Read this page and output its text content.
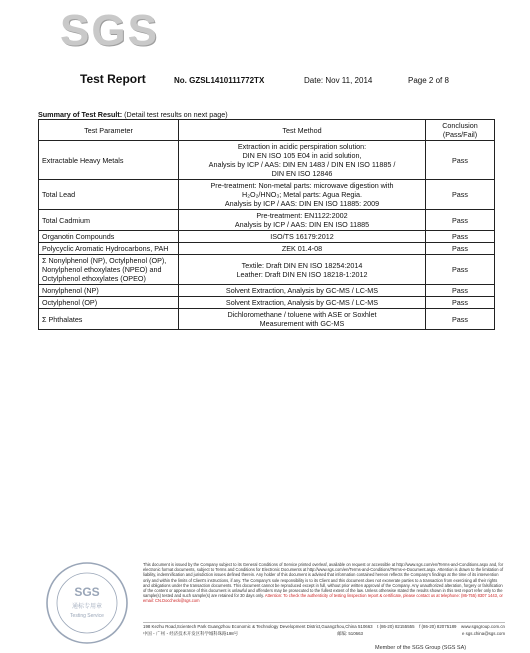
SGS
Test Report	No. GZSL1410111772TX	Date: Nov 11, 2014	Page 2 of 8
Summary of Test Result: (Detail test results on next page)
Test Parameter	Test Method	Conclusion
(Pass/Fail)

Extractable Heavy Metals	Extraction in acidic perspiration solution:
DIN EN ISO 105 E04 in acid solution,
Analysis by ICP / AAS: DIN EN 1483 / DIN EN ISO 11885 /
DIN EN ISO 12846	Pass
Total Lead	Pre-treatment: Non-metal parts: microwave digestion with
H₂O₂/HNO₃; Metal parts: Agua Regia.
Analysis by ICP / AAS: DIN EN ISO 11885: 2009	Pass
Total Cadmium	Pre-treatment: EN1122:2002
Analysis by ICP / AAS: DIN EN ISO 11885	Pass
Organotin Compounds	ISO/TS 16179:2012	Pass
Polycyclic Aromatic Hydrocarbons, PAH	ZEK 01.4-08	Pass
Σ Nonylphenol (NP), Octylphenol (OP), Nonylphenol ethoxylates (NPEO) and Octylphenol ethoxylates (OPEO)	Textile: Draft DIN EN ISO 18254:2014
Leather: Draft DIN EN ISO 18218-1:2012	Pass
Nonylphenol (NP)	Solvent Extraction, Analysis by GC-MS / LC-MS	Pass
Octylphenol (OP)	Solvent Extraction, Analysis by GC-MS / LC-MS	Pass
Σ Phthalates	Dichloromethane / toluene with ASE or Soxhlet
Measurement with GC-MS	Pass
SGS
通标专用章
Testing Service
This document is issued by the Company subject to its General Conditions of Service printed overleaf, available on request or accessible at http://www.sgs.com/en/Terms-and-Conditions.aspx and, for electronic format documents, subject to Terms and Conditions for Electronic Documents at http://www.sgs.com/en/Terms-and-Conditions/Terms-e-Document.aspx. Attention is drawn to the limitation of liability, indemnification and jurisdiction issues defined therein. Any holder of this document is advised that information contained hereon reflects the Company's findings at the time of its intervention only and within the limits of Client's instructions, if any. The Company's sole responsibility is to its Client and this document does not exonerate parties to a transaction from exercising all their rights and obligations under the transaction documents. This document cannot be reproduced except in full, without prior written approval of the Company. Any unauthorized alteration, forgery or falsification of the content or appearance of this document is unlawful and offenders may be prosecuted to the fullest extent of the law. Unless otherwise stated the results shown in this test report refer only to the sample(s) tested and such sample(s) are retained for 30 days only. Attention: To check the authenticity of testing /inspection report & certificate, please contact us at telephone: (86-755) 8307 1443, or email: CN.Doccheck@sgs.com
198 Kezhu Road,Scientech Park Guangzhou Economic & Technology Development District,Guangzhou,China 510663 t (86-20) 82155555 f (86-20) 82075189 www.sgsgroup.com.cn
中国・广州・经济技术开发区科学城科珠路198号	邮编: 510663	e sgs.china@sgs.com
Member of the SGS Group (SGS SA)
